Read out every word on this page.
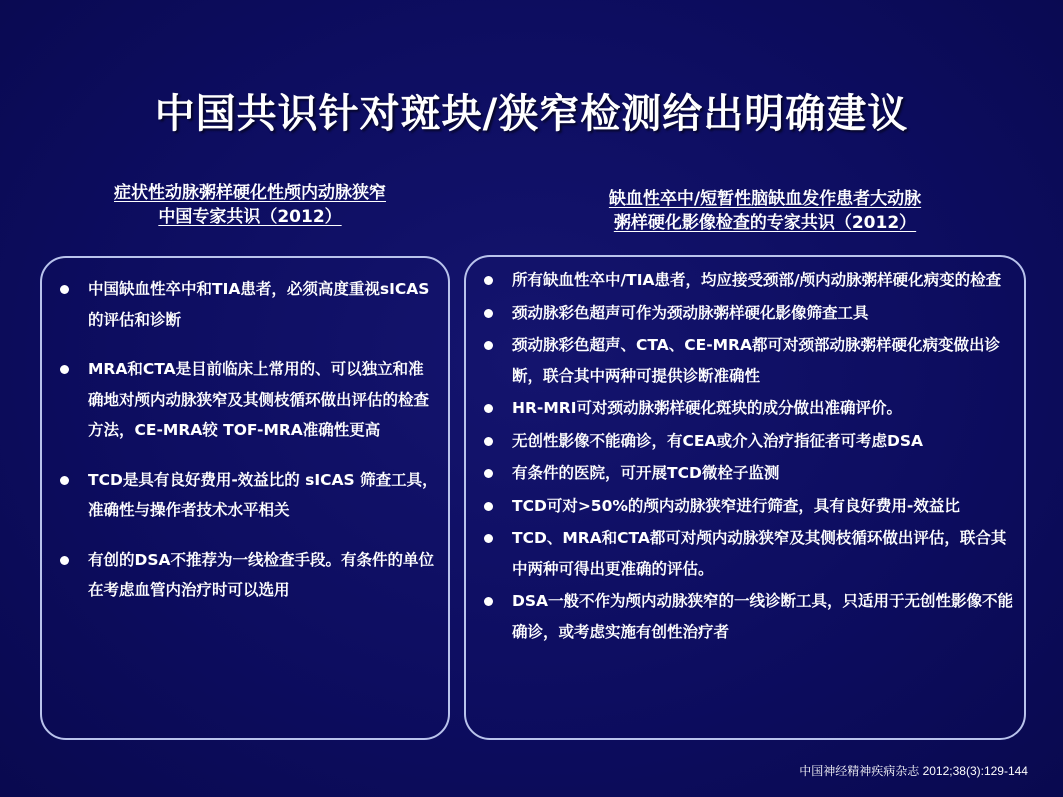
中国共识针对斑块/狭窄检测给出明确建议
症状性动脉粥样硬化性颅内动脉狭窄
中国专家共识（2012）
缺血性卒中/短暂性脑缺血发作患者大动脉
粥样硬化影像检查的专家共识（2012）
中国缺血性卒中和TIA患者，必须高度重视sICAS的评估和诊断
MRA和CTA是目前临床上常用的、可以独立和准确地对颅内动脉狭窄及其侧枝循环做出评估的检查方法，CE-MRA较 TOF-MRA准确性更高
TCD是具有良好费用-效益比的 sICAS 筛查工具，准确性与操作者技术水平相关
有创的DSA不推荐为一线检查手段。有条件的单位在考虑血管内治疗时可以选用
所有缺血性卒中/TIA患者，均应接受颈部/颅内动脉粥样硬化病变的检查
颈动脉彩色超声可作为颈动脉粥样硬化影像筛查工具
颈动脉彩色超声、CTA、CE-MRA都可对颈部动脉粥样硬化病变做出诊断，联合其中两种可提供诊断准确性
HR-MRI可对颈动脉粥样硬化斑块的成分做出准确评价。
无创性影像不能确诊，有CEA或介入治疗指征者可考虑DSA
有条件的医院，可开展TCD微栓子监测
TCD可对>50%的颅内动脉狭窄进行筛查，具有良好费用-效益比
TCD、MRA和CTA都可对颅内动脉狭窄及其侧枝循环做出评估，联合其中两种可得出更准确的评估。
DSA一般不作为颅内动脉狭窄的一线诊断工具，只适用于无创性影像不能确诊，或考虑实施有创性治疗者
中国神经精神疾病杂志 2012;38(3):129-144
